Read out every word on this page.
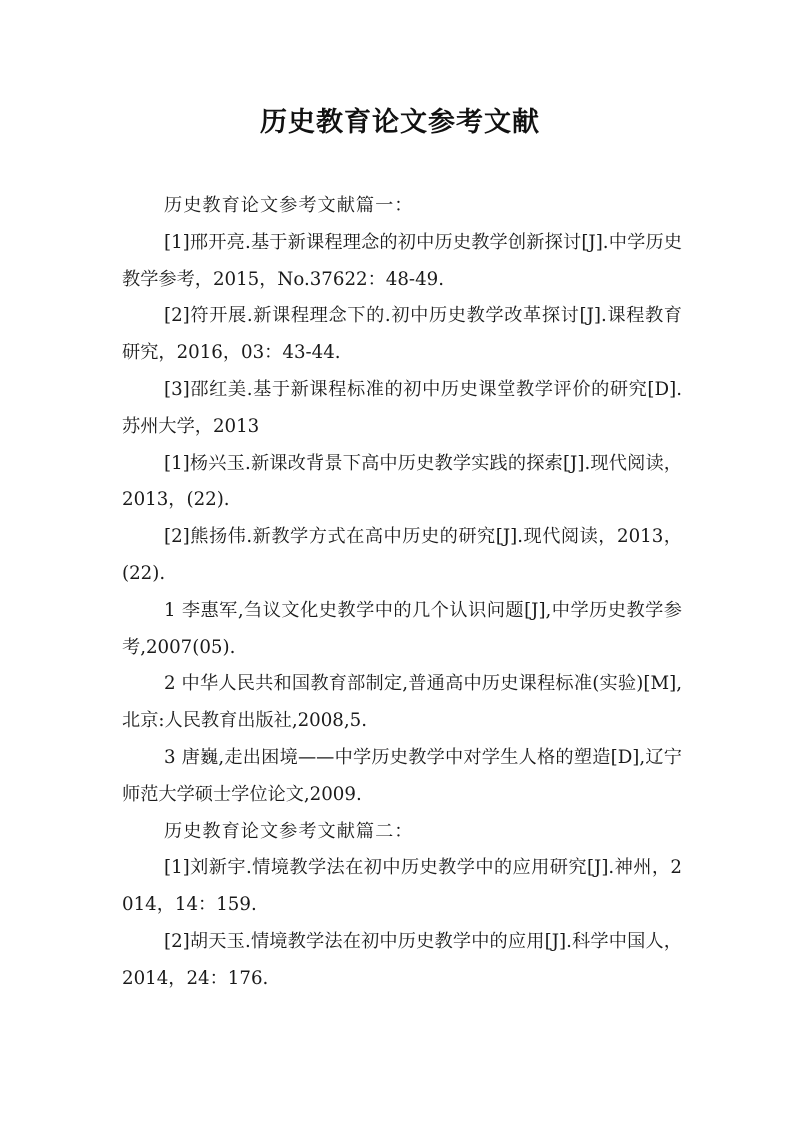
历史教育论文参考文献

历史教育论文参考文献篇一：

[1]邢开亮.基于新课程理念的初中历史教学创新探讨[J].中学历史教学参考，2015，No.37622：48-49.

[2]符开展.新课程理念下的.初中历史教学改革探讨[J].课程教育研究，2016，03：43-44.

[3]邵红美.基于新课程标准的初中历史课堂教学评价的研究[D].苏州大学，2013

[1]杨兴玉.新课改背景下高中历史教学实践的探索[J].现代阅读，2013，(22).

[2]熊扬伟.新教学方式在高中历史的研究[J].现代阅读，2013，(22).

1 李惠军,刍议文化史教学中的几个认识问题[J],中学历史教学参考,2007(05).

2 中华人民共和国教育部制定,普通高中历史课程标准(实验)[M],北京:人民教育出版社,2008,5.

3 唐巍,走出困境——中学历史教学中对学生人格的塑造[D],辽宁师范大学硕士学位论文,2009.

历史教育论文参考文献篇二：

[1]刘新宇.情境教学法在初中历史教学中的应用研究[J].神州，2014，14：159.

[2]胡天玉.情境教学法在初中历史教学中的应用[J].科学中国人，2014，24：176.
